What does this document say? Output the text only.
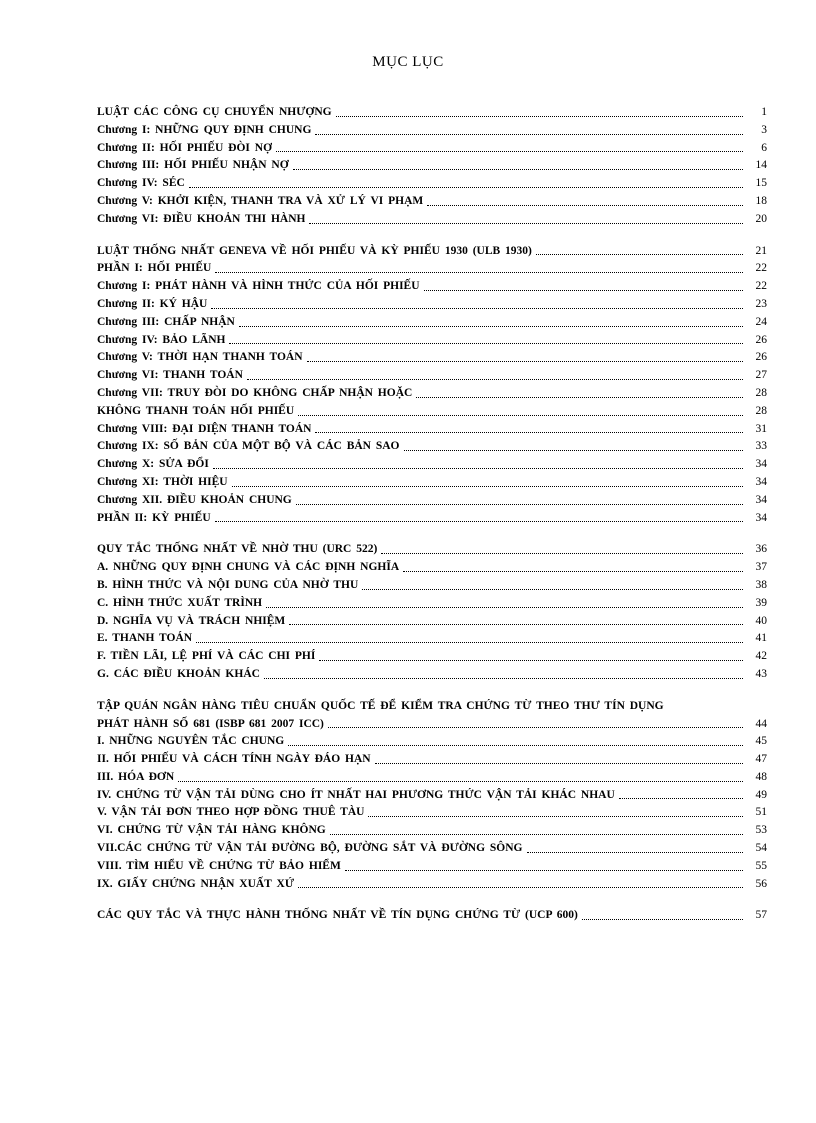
MỤC LỤC
LUẬT CÁC CÔNG CỤ CHUYỂN NHƯỢNG	1
Chương I: NHỮNG QUY ĐỊNH CHUNG	3
Chương II: HỐI PHIẾU ĐÒI NỢ	6
Chương III: HỐI PHIẾU NHẬN NỢ	14
Chương IV: SÉC	15
Chương V: KHỞI KIỆN, THANH TRA VÀ XỬ LÝ VI PHẠM	18
Chương VI: ĐIỀU KHOẢN THI HÀNH	20
LUẬT THỐNG NHẤT GENEVA VỀ HỐI PHIẾU VÀ KỲ PHIẾU 1930 (ULB 1930)	21
PHẦN I: HỐI PHIẾU	22
Chương I: PHÁT HÀNH VÀ HÌNH THỨC CỦA HỐI PHIẾU	22
Chương II: KÝ HẬU	23
Chương III: CHẤP NHẬN	24
Chương IV: BẢO LÃNH	26
Chương V: THỜI HẠN THANH TOÁN	26
Chương VI: THANH TOÁN	27
Chương VII: TRUY ĐÒI DO KHÔNG CHẤP NHẬN HOẶC	28
KHÔNG THANH TOÁN HỐI PHIẾU	28
Chương VIII: ĐẠI DIỆN THANH TOÁN	31
Chương IX: SỐ BẢN CỦA MỘT BỘ VÀ CÁC BẢN SAO	33
Chương X: SỬA ĐỔI	34
Chương XI: THỜI HIỆU	34
Chương XII. ĐIỀU KHOẢN CHUNG	34
PHẦN II: KỲ PHIẾU	34
QUY TẮC THỐNG NHẤT VỀ NHỜ THU (URC 522)	36
A. NHỮNG QUY ĐỊNH CHUNG VÀ CÁC ĐỊNH NGHĨA	37
B. HÌNH THỨC VÀ NỘI DUNG CỦA NHỜ THU	38
C. HÌNH THỨC XUẤT TRÌNH	39
D. NGHĨA VỤ VÀ TRÁCH NHIỆM	40
E. THANH TOÁN	41
F. TIỀN LÃI, LỆ PHÍ VÀ CÁC CHI PHÍ	42
G. CÁC ĐIỀU KHOẢN KHÁC	43
TẬP QUÁN NGÂN HÀNG TIÊU CHUẨN QUỐC TẾ ĐỂ KIỂM TRA CHỨNG TỪ THEO THƯ TÍN DỤNG
PHÁT HÀNH SỐ 681 (ISBP 681 2007 ICC)	44
I. NHỮNG NGUYÊN TẮC CHUNG	45
II. HỐI PHIẾU VÀ CÁCH TÍNH NGÀY ĐÁO HẠN	47
III. HÓA ĐƠN	48
IV. CHỨNG TỪ VẬN TẢI DÙNG CHO ÍT NHẤT HAI PHƯƠNG THỨC VẬN TẢI KHÁC NHAU	49
V. VẬN TẢI ĐƠN THEO HỢP ĐỒNG THUÊ TÀU	51
VI. CHỨNG TỪ VẬN TẢI HÀNG KHÔNG	53
VII.CÁC CHỨNG TỪ VẬN TẢI ĐƯỜNG BỘ, ĐƯỜNG SẮT VÀ ĐƯỜNG SÔNG	54
VIII. TÌM HIỂU VỀ CHỨNG TỪ BẢO HIỂM	55
IX. GIẤY CHỨNG NHẬN XUẤT XỨ	56
CÁC QUY TẮC VÀ THỰC HÀNH THỐNG NHẤT VỀ TÍN DỤNG CHỨNG TỪ (UCP 600)	57
